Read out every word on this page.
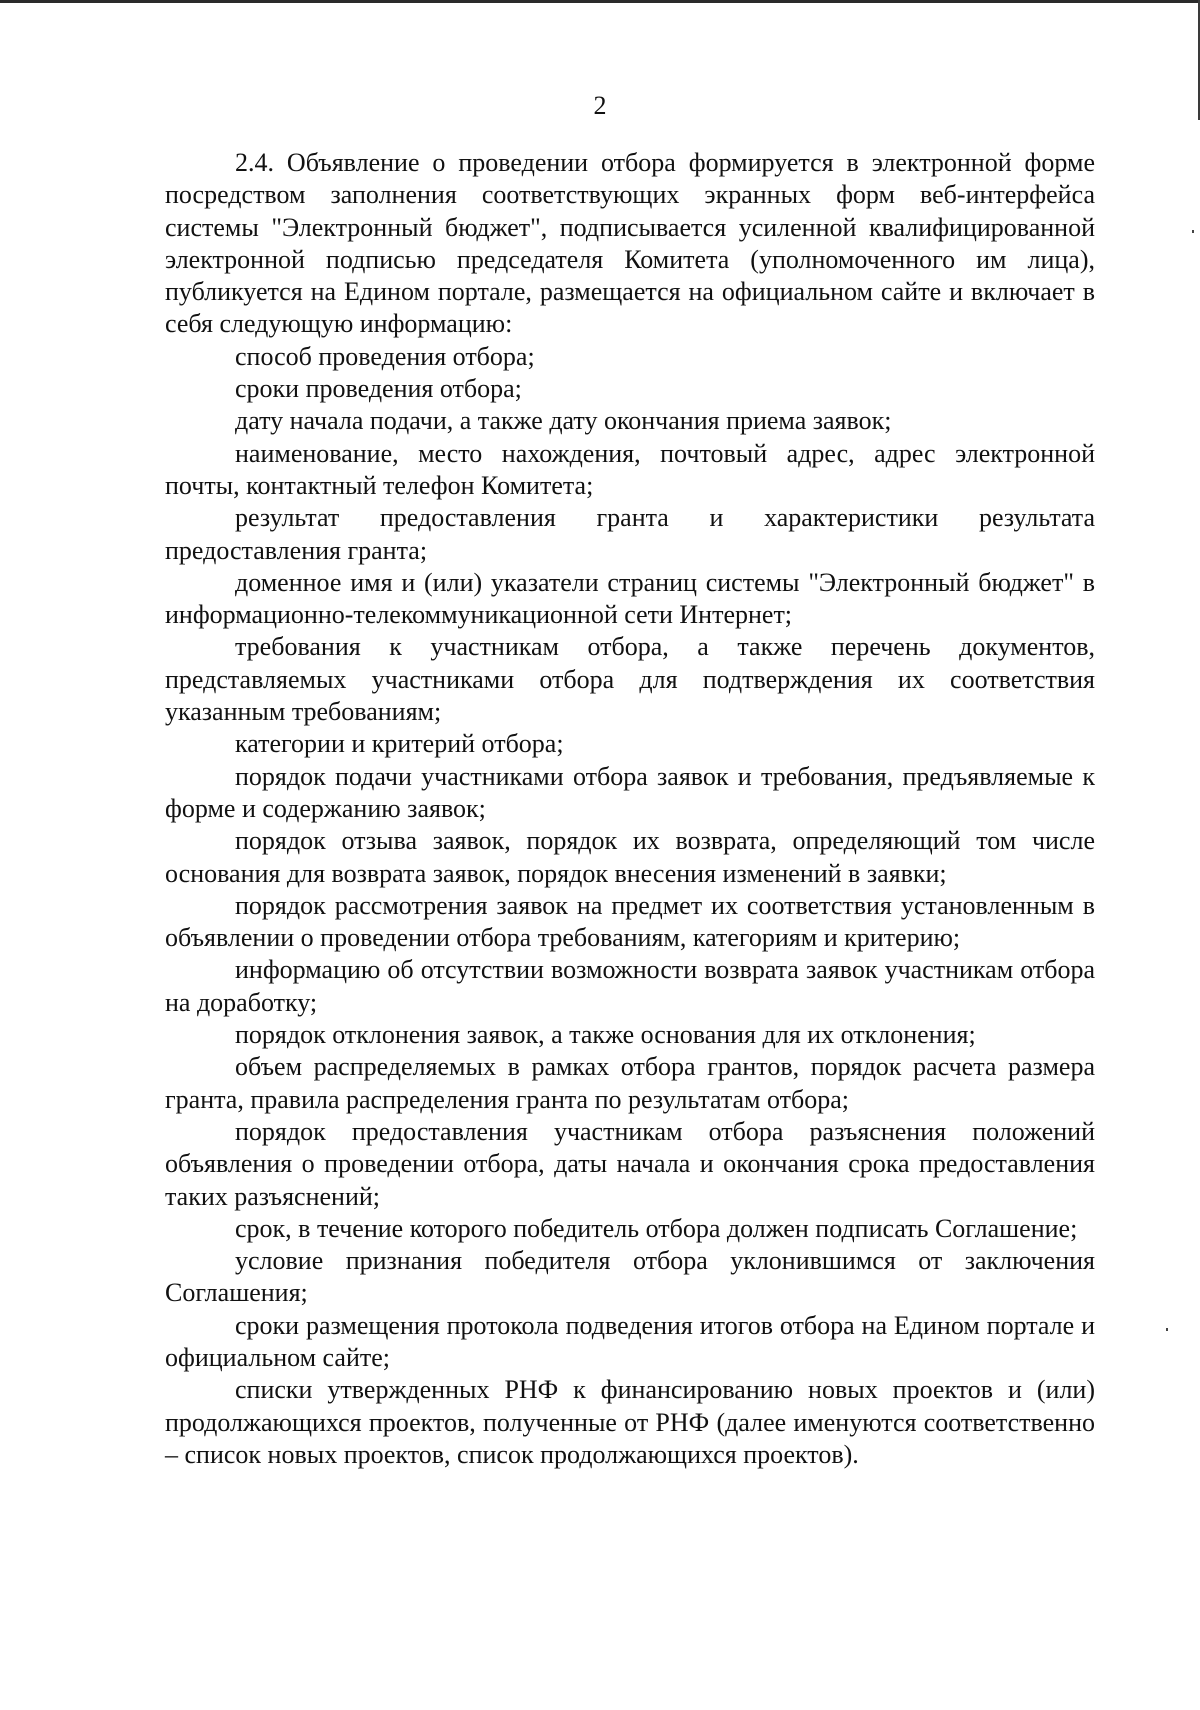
2

2.4. Объявление о проведении отбора формируется в электронной форме посредством заполнения соответствующих экранных форм веб-интерфейса системы "Электронный бюджет", подписывается усиленной квалифицированной электронной подписью председателя Комитета (уполномоченного им лица), публикуется на Едином портале, размещается на официальном сайте и включает в себя следующую информацию:

способ проведения отбора;

сроки проведения отбора;

дату начала подачи, а также дату окончания приема заявок;

наименование, место нахождения, почтовый адрес, адрес электронной почты, контактный телефон Комитета;

результат предоставления гранта и характеристики результата предоставления гранта;

доменное имя и (или) указатели страниц системы "Электронный бюджет" в информационно-телекоммуникационной сети Интернет;

требования к участникам отбора, а также перечень документов, представляемых участниками отбора для подтверждения их соответствия указанным требованиям;

категории и критерий отбора;

порядок подачи участниками отбора заявок и требования, предъявляемые к форме и содержанию заявок;

порядок отзыва заявок, порядок их возврата, определяющий том числе основания для возврата заявок, порядок внесения изменений в заявки;

порядок рассмотрения заявок на предмет их соответствия установленным в объявлении о проведении отбора требованиям, категориям и критерию;

информацию об отсутствии возможности возврата заявок участникам отбора на доработку;

порядок отклонения заявок, а также основания для их отклонения;

объем распределяемых в рамках отбора грантов, порядок расчета размера гранта, правила распределения гранта по результатам отбора;

порядок предоставления участникам отбора разъяснения положений объявления о проведении отбора, даты начала и окончания срока предоставления таких разъяснений;

срок, в течение которого победитель отбора должен подписать Соглашение;

условие признания победителя отбора уклонившимся от заключения Соглашения;

сроки размещения протокола подведения итогов отбора на Едином портале и официальном сайте;

списки утвержденных РНФ к финансированию новых проектов и (или) продолжающихся проектов, полученные от РНФ (далее именуются соответственно – список новых проектов, список продолжающихся проектов).
